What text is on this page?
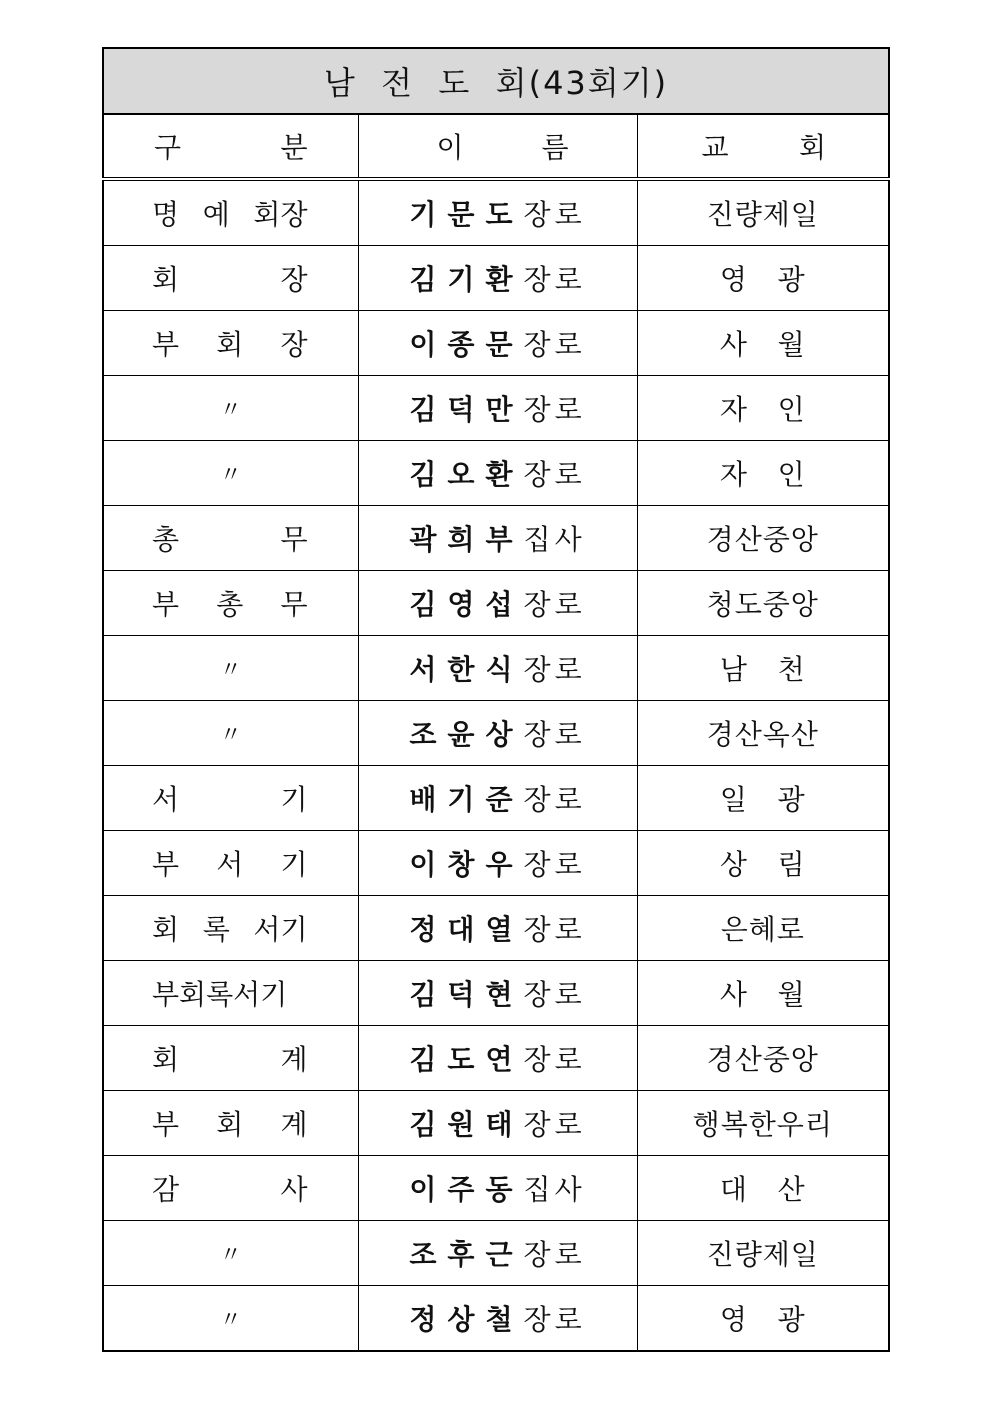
남  전  도  회(43회기)		
구 분	이 름	교 회
명 예 회장	기문도장로	진량제일
회 장	김기환장로	영   광
부 회 장	이종문장로	사   월
〃	김덕만장로	자   인
〃	김오환장로	자   인
총 무	곽희부집사	경산중앙
부 총 무	김영섭장로	청도중앙
〃	서한식장로	남   천
〃	조윤상장로	경산옥산
서 기	배기준장로	일   광
부 서 기	이창우장로	상   림
회 록 서기	정대열장로	은혜로
부회록서기	김덕현장로	사   월
회 계	김도연장로	경산중앙
부 회 계	김원태장로	행복한우리
감 사	이주동집사	대   산
〃	조후근장로	진량제일
〃	정상철장로	영   광
